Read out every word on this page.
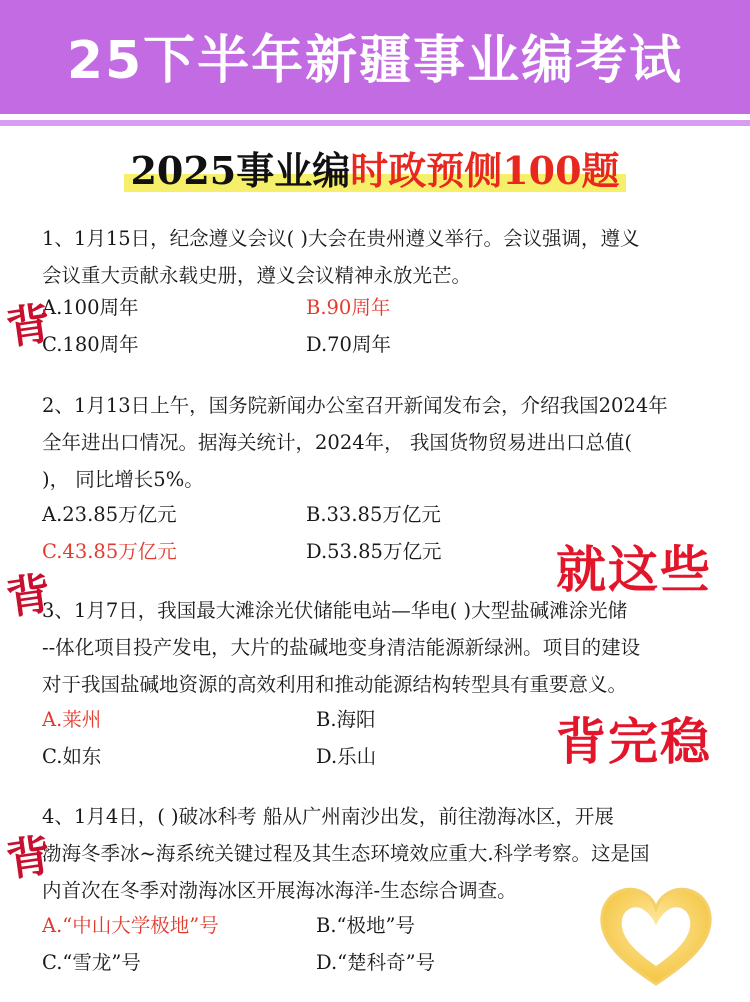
25下半年新疆事业编考试
2025事业编时政预侧100题
1、1月15日，纪念遵义会议( )大会在贵州遵义举行。会议强调，遵义
会议重大贡献永载史册，遵义会议精神永放光芒。
A.100周年	B.90周年
C.180周年	D.70周年
2、1月13日上午，国务院新闻办公室召开新闻发布会，介绍我国2024年
全年进出口情况。据海关统计，2024年， 我国货物贸易进出口总值(
)， 同比增长5%。
A.23.85万亿元	B.33.85万亿元
C.43.85万亿元	D.53.85万亿元
3、1月7日，我国最大滩涂光伏储能电站—华电( )大型盐碱滩涂光储
--体化项目投产发电，大片的盐碱地变身清洁能源新绿洲。项目的建设
对于我国盐碱地资源的高效利用和推动能源结构转型具有重要意义。
A.莱州	B.海阳
C.如东	D.乐山
4、1月4日，( )破冰科考 船从广州南沙出发，前往渤海冰区，开展
渤海冬季冰~海系统关键过程及其生态环境效应重大.科学考察。这是国
内首次在冬季对渤海冰区开展海冰海洋-生态综合调查。
A.“中山大学极地”号	B.“极地”号
C.“雪龙”号	D.“楚科奇”号
背
背
背
就这些
背完稳
